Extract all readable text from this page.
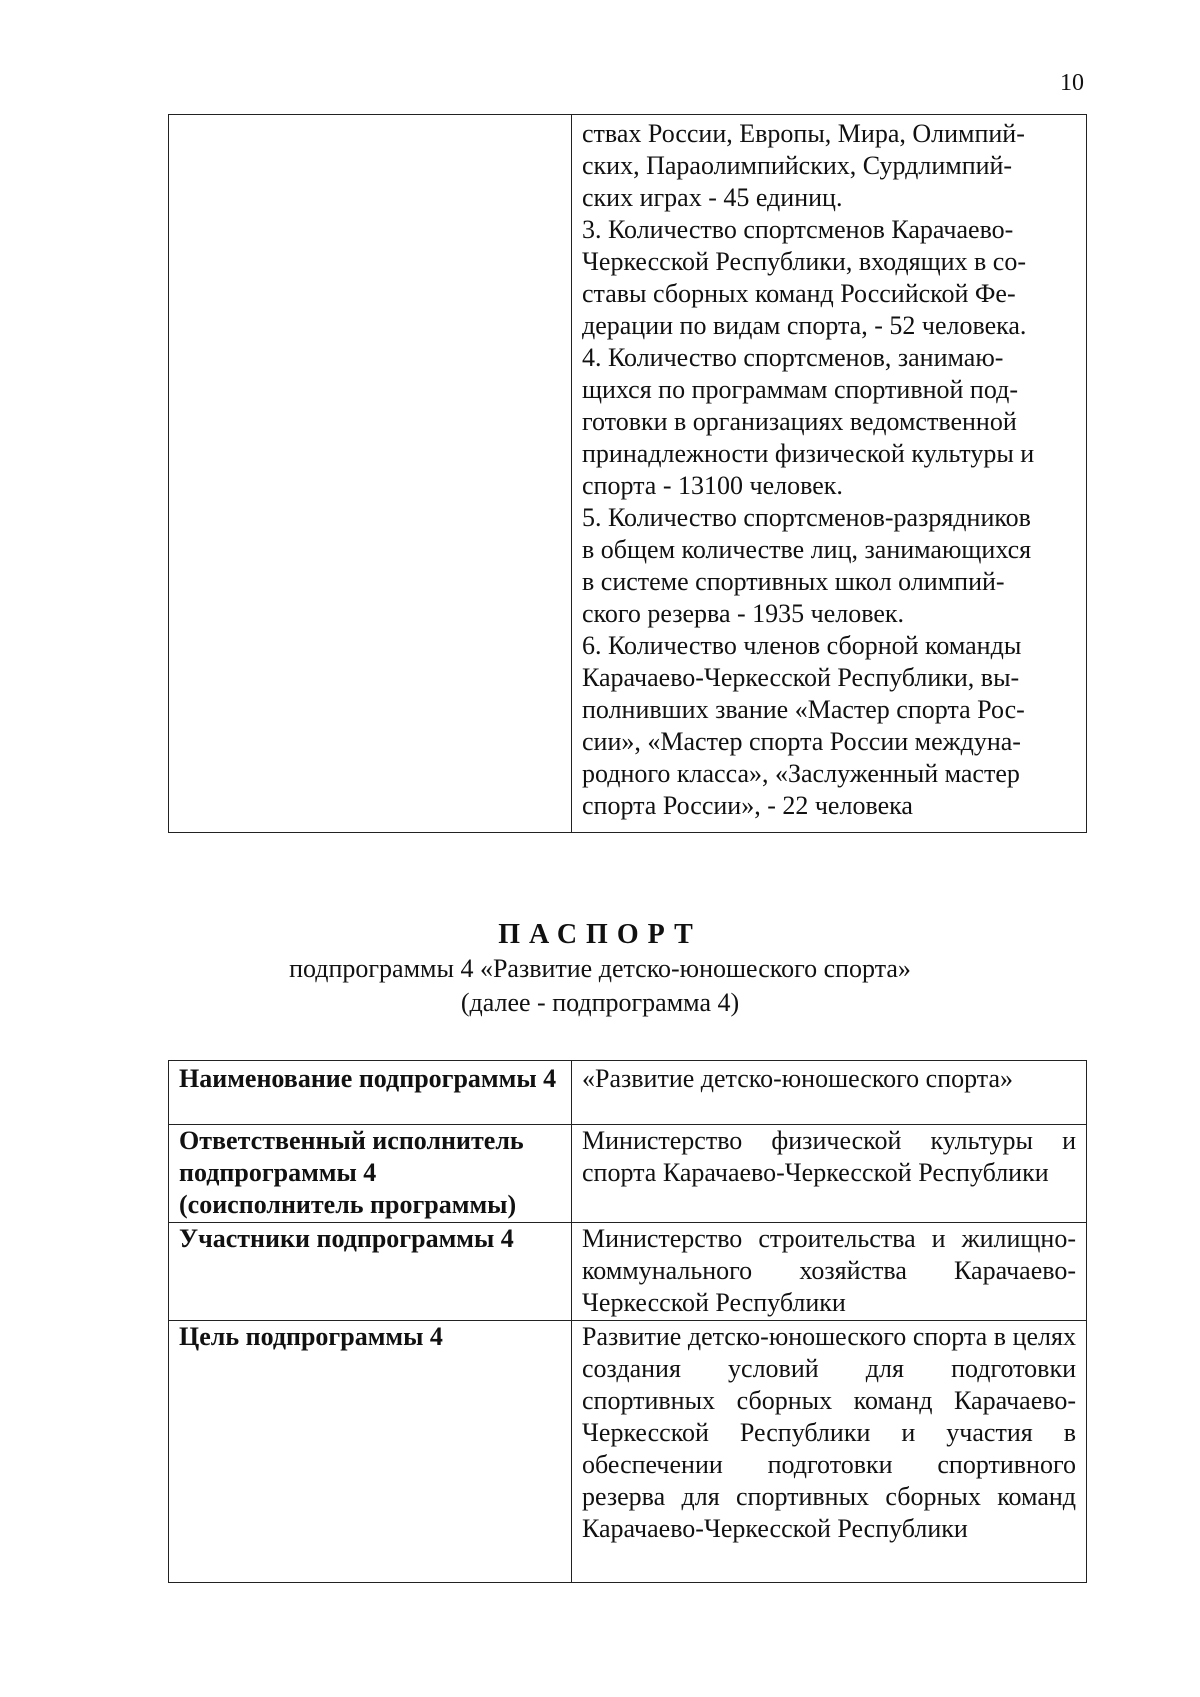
10

ствах России, Европы, Мира, Олимпий-
ских, Параолимпийских, Сурдлимпий-
ских играх - 45 единиц.
3. Количество спортсменов Карачаево-
Черкесской Республики, входящих в со-
ставы сборных команд Российской Фе-
дерации по видам спорта, - 52 человека.
4. Количество спортсменов, занимаю-
щихся по программам спортивной под-
готовки в организациях ведомственной
принадлежности физической культуры и
спорта - 13100 человек.
5. Количество спортсменов-разрядников
в общем количестве лиц, занимающихся
в системе спортивных школ олимпий-
ского резерва - 1935 человек.
6. Количество членов сборной команды
Карачаево-Черкесской Республики, вы-
полнивших звание «Мастер спорта Рос-
сии», «Мастер спорта России междуна-
родного класса», «Заслуженный мастер
спорта России», - 22 человека
ПАСПОРТ
подпрограммы 4 «Развитие детско-юношеского спорта»
(далее - подпрограмма 4)
Наименование подпрограммы 4	«Развитие детско-юношеского спорта»
Ответственный исполнитель подпрограммы 4 (соисполнитель программы)	Министерство физической культуры и спорта Карачаево-Черкесской Республики
Участники подпрограммы 4	Министерство строительства и жилищно-коммунального хозяйства Карачаево-Черкесской Республики
Цель подпрограммы 4	Развитие детско-юношеского спорта в целях создания условий для подготовки спортивных сборных команд Карачаево-Черкесской Республики и участия в обеспечении подготовки спортивного резерва для спортивных сборных команд Карачаево-Черкесской Республики
